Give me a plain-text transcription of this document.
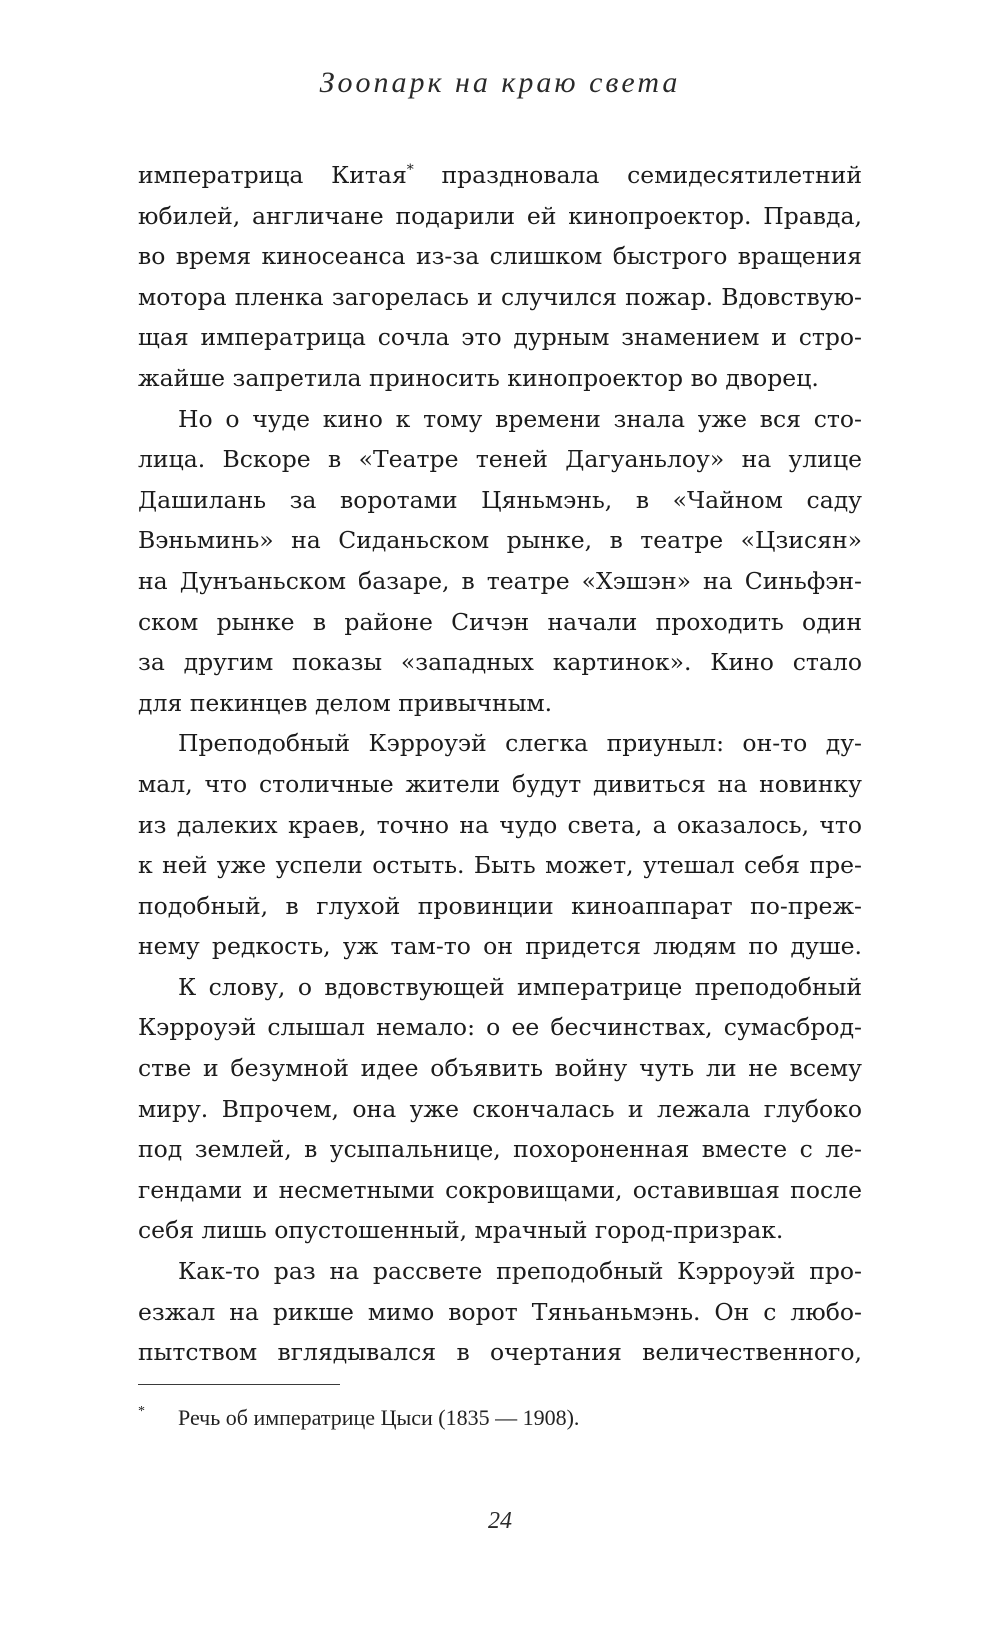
Зоопарк на краю света
императрица Китая* праздновала семидесятилетний
юбилей, англичане подарили ей кинопроектор. Правда,
во время киносеанса из-за слишком быстрого вращения
мотора пленка загорелась и случился пожар. Вдовствую-
щая императрица сочла это дурным знамением и стро-
жайше запретила приносить кинопроектор во дворец.
Но о чуде кино к тому времени знала уже вся сто-
лица. Вскоре в «Театре теней Дагуаньлоу» на улице
Дашилань за воротами Цяньмэнь, в «Чайном саду
Вэньминь» на Сиданьском рынке, в театре «Цзисян»
на Дунъаньском базаре, в театре «Хэшэн» на Синьфэн-
ском рынке в районе Сичэн начали проходить один
за другим показы «западных картинок». Кино стало
для пекинцев делом привычным.
Преподобный Кэрроуэй слегка приуныл: он-то ду-
мал, что столичные жители будут дивиться на новинку
из далеких краев, точно на чудо света, а оказалось, что
к ней уже успели остыть. Быть может, утешал себя пре-
подобный, в глухой провинции киноаппарат по-преж-
нему редкость, уж там-то он придется людям по душе.
К слову, о вдовствующей императрице преподобный
Кэрроуэй слышал немало: о ее бесчинствах, сумасброд-
стве и безумной идее объявить войну чуть ли не всему
миру. Впрочем, она уже скончалась и лежала глубоко
под землей, в усыпальнице, похороненная вместе с ле-
гендами и несметными сокровищами, оставившая после
себя лишь опустошенный, мрачный город-призрак.
Как-то раз на рассвете преподобный Кэрроуэй про-
езжал на рикше мимо ворот Тяньаньмэнь. Он с любо-
пытством вглядывался в очертания величественного,
* Речь об императрице Цыси (1835 — 1908).
24
